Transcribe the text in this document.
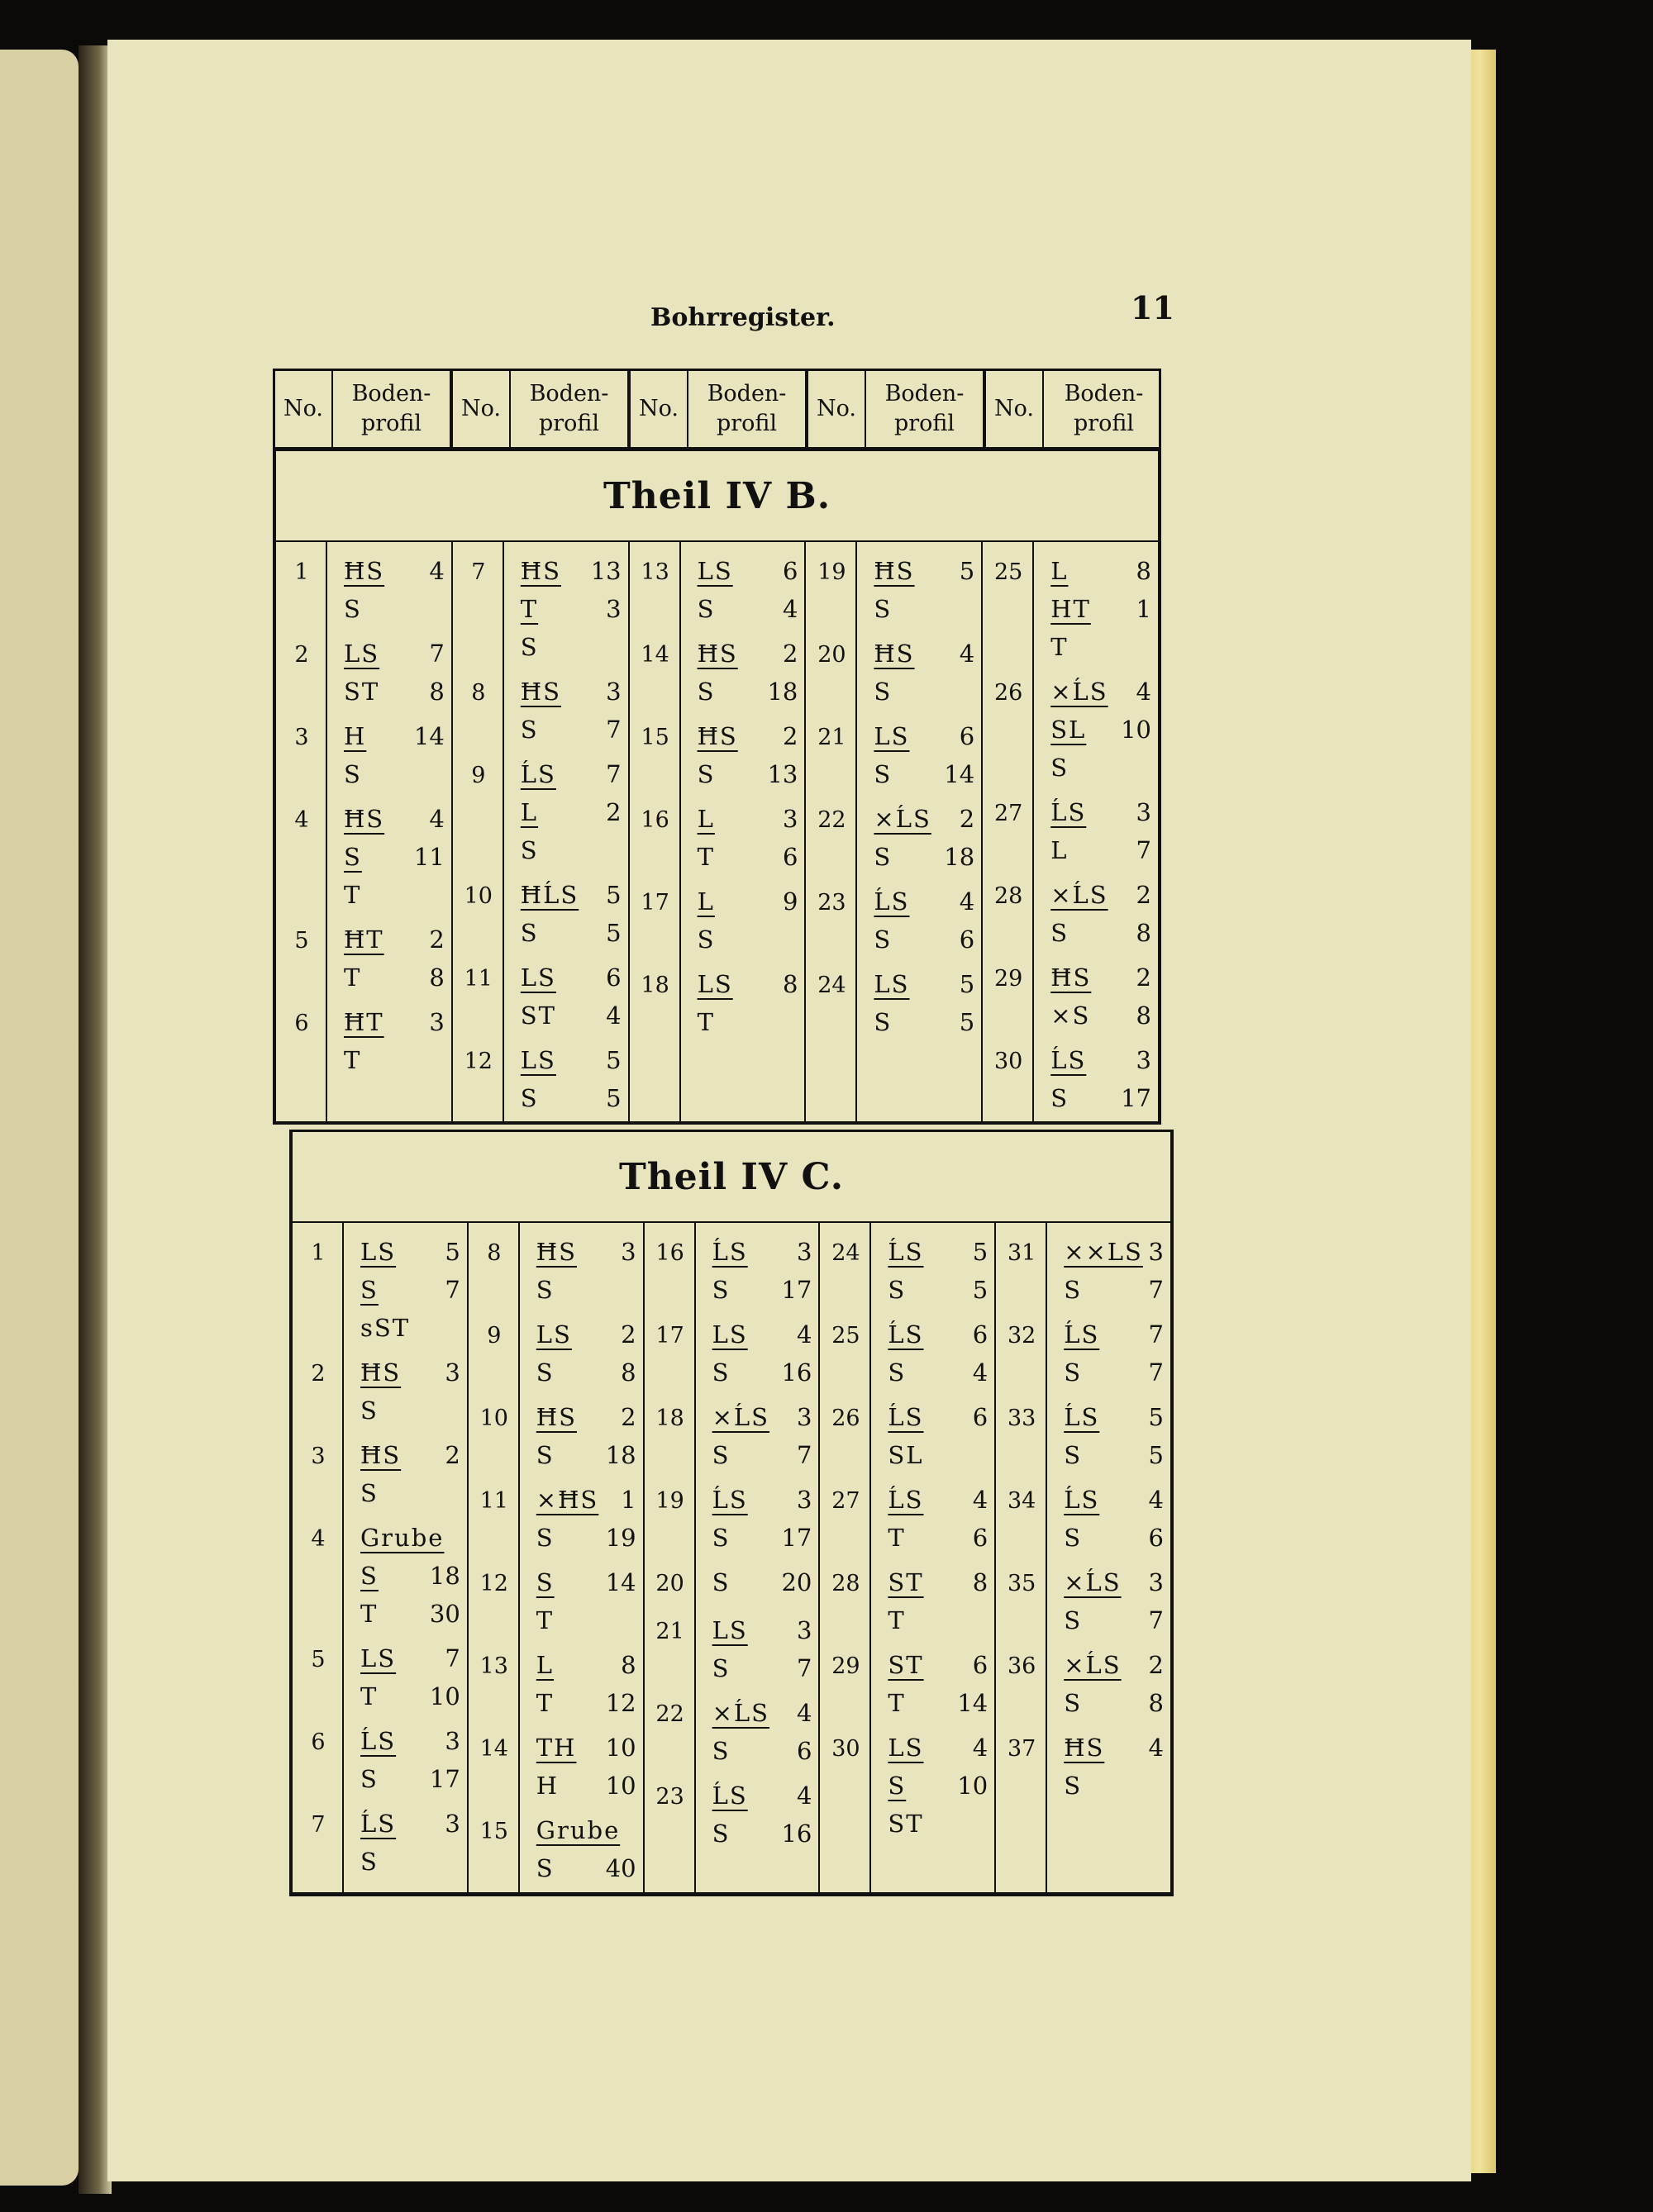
Bohrregister.	11
No.
Boden-profil
No.
Boden-profil
No.
Boden-profil
No.
Boden-profil
No.
Boden-profil
Theil IV B.
1	ĦS 4
S
2	LS 7
ST 8
3	H 14
S
4	ĦS 4
S 11
T
5	ĦT 2
T	8
6	ĦT 3
T
7	ĦS 13
T	3
S
8	ĦS 3
S	7
9	ĹS 7
L	2
S
10	ĦĹS 5
S	5
11	LS 6
ST 4
12	LS 5
S	5
13	LS 6
S	4
14	ĦS 2
S 18
15	ĦS 2
S 13
16	L	3
T	6
17	L	9
S
18	LS 8
T
19	ĦS 5
S
20	ĦS 4
S
21	LS 6
S 14
22	×ĹS 2
S 18
23	ĹS 4
S	6
24	LS 5
S	5
25	L	8
HT 1
T
26	×ĹS 4
SL 10
S
27	ĹS 3
L	7
28	×ĹS 2
S	8
29	ĦS 2
×S 8
30	ĹS 3
S 17
Theil IV C.
1	LS 5
S	7
sST
2	ĦS 3
S
3	ĦS 2
S
4	Grube
S 18
T 30
5	LS 7
T 10
6	ĹS 3
S 17
7	ĹS 3
S
8	ĦS 3
S
9	LS 2
S	8
10	ĦS 2
S 18
11	×ĦS 1
S 19
12	S 14
T
13	L	8
T 12
14	TH 10
H 10
15	Grube
S 40
16	ĹS 3
S 17
17	LS 4
S 16
18	×ĹS 3
S	7
19	ĹS 3
S 17
20	S 20
21	LS 3
S	7
22	×ĹS 4
S	6
23	ĹS 4
S 16
24	ĹS 5
S	5
25	ĹS 6
S	4
26	ĹS 6
SL
27	ĹS 4
T	6
28	ST 8
T
29	ST 6
T 14
30	LS 4
S 10
ST
31	××LS 3
S	7
32	ĹS 7
S	7
33	ĹS 5
S	5
34	ĹS 4
S	6
35	×ĹS 3
S	7
36	×ĹS 2
S	8
37	ĦS 4
S
